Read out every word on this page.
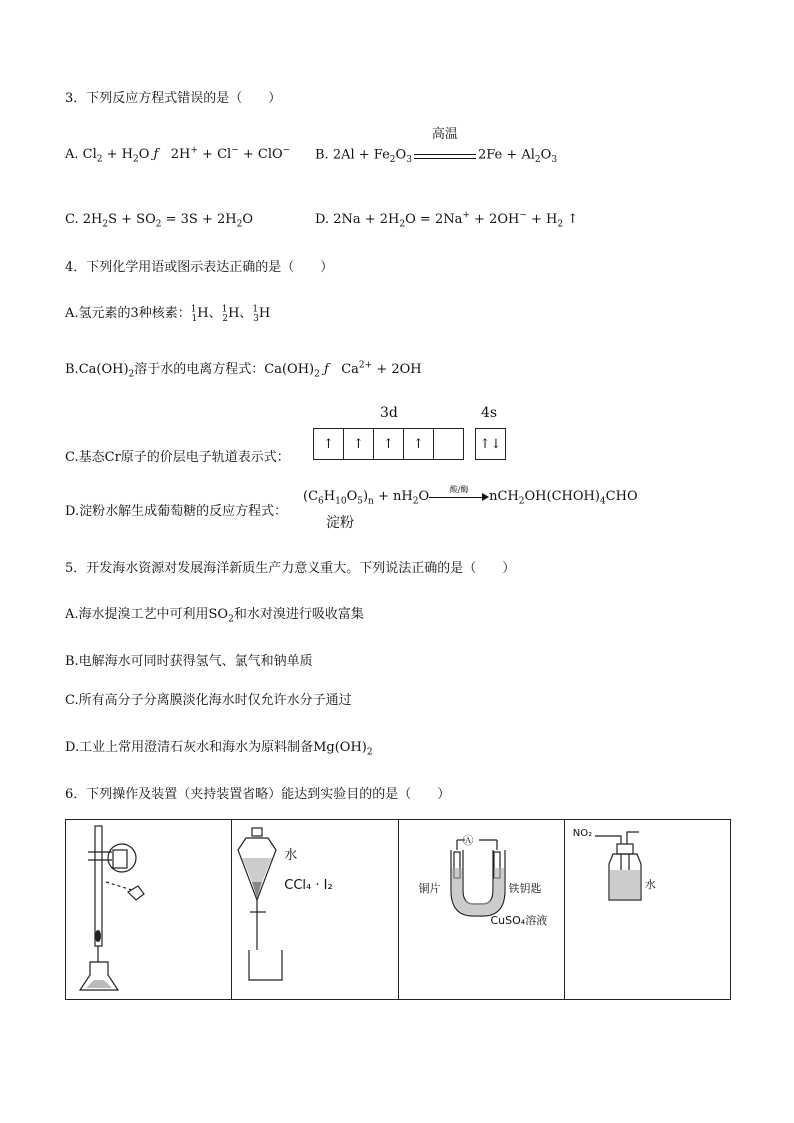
3．下列反应方程式错误的是（　　）
A. $Cl_2 + H_2O$ ƒ   2H+ + Cl− + ClO− B. $2Al + Fe_2O_3$
高温
$2Fe + Al_2O_3$
C. $2H_2S + SO_2 = 3S + 2H_2O$	D. $2Na + 2H_2O = 2Na^+ + 2OH^- + H_2$ ↑
4．下列化学用语或图示表达正确的是（　　）
A.氢元素的3种核素：$^1_1$H、$^1_2$H、$^1_3$H
$B.Ca(OH)_2$溶于水的电离方程式：$Ca(OH)_2$ ƒ   $Ca^{2+} + 2OH$
C.基态Cr原子的价层电子轨道表示式：
3d	4s
↑	↑	↑	↑	↑↓
D.淀粉水解生成葡萄糖的反应方程式：
$(C_6H_{10}O_5)_n + nH_2O$	酸/酶	$nCH_2OH(CHOH)_4CHO$
淀粉
5．开发海水资源对发展海洋新质生产力意义重大。下列说法正确的是（　　）
A.海水提溴工艺中可利用$SO_2$和水对溴进行吸收富集
B.电解海水可同时获得氢气、氯气和钠单质
C.所有高分子分离膜淡化海水时仅允许水分子通过
D.工业上常用澄清石灰水和海水为原料制备$Mg(OH)_2$
6．下列操作及装置（夹持装置省略）能达到实验目的的是（　　）
水
CCl₄ · I₂
Ⓐ
铜片	铁钥匙
CuSO₄溶液
NO₂
水
